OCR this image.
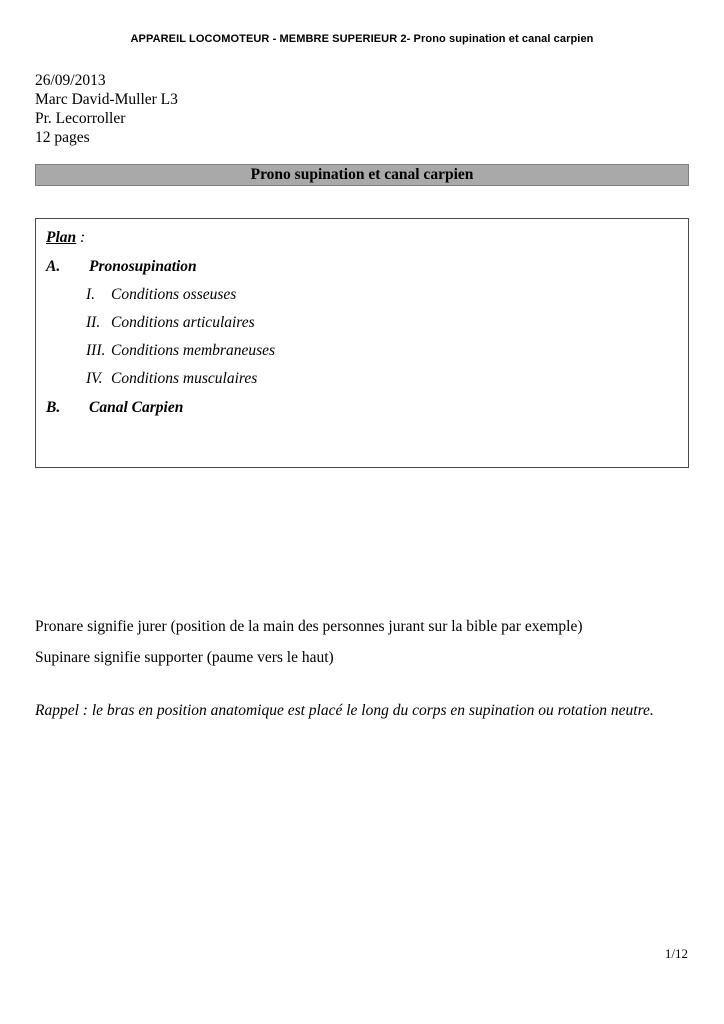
APPAREIL LOCOMOTEUR - MEMBRE SUPERIEUR 2- Prono supination et canal carpien
26/09/2013
Marc David-Muller L3
Pr. Lecorroller
12 pages
Prono supination et canal carpien
Plan :
A.	Pronosupination
I.	Conditions osseuses
II. Conditions articulaires
III. Conditions membraneuses
IV. Conditions musculaires
B.	Canal Carpien
Pronare signifie jurer (position de la main des personnes jurant sur la bible par exemple)
Supinare signifie supporter (paume vers le haut)
Rappel : le bras en position anatomique est placé le long du corps en supination ou rotation neutre.
1/12
